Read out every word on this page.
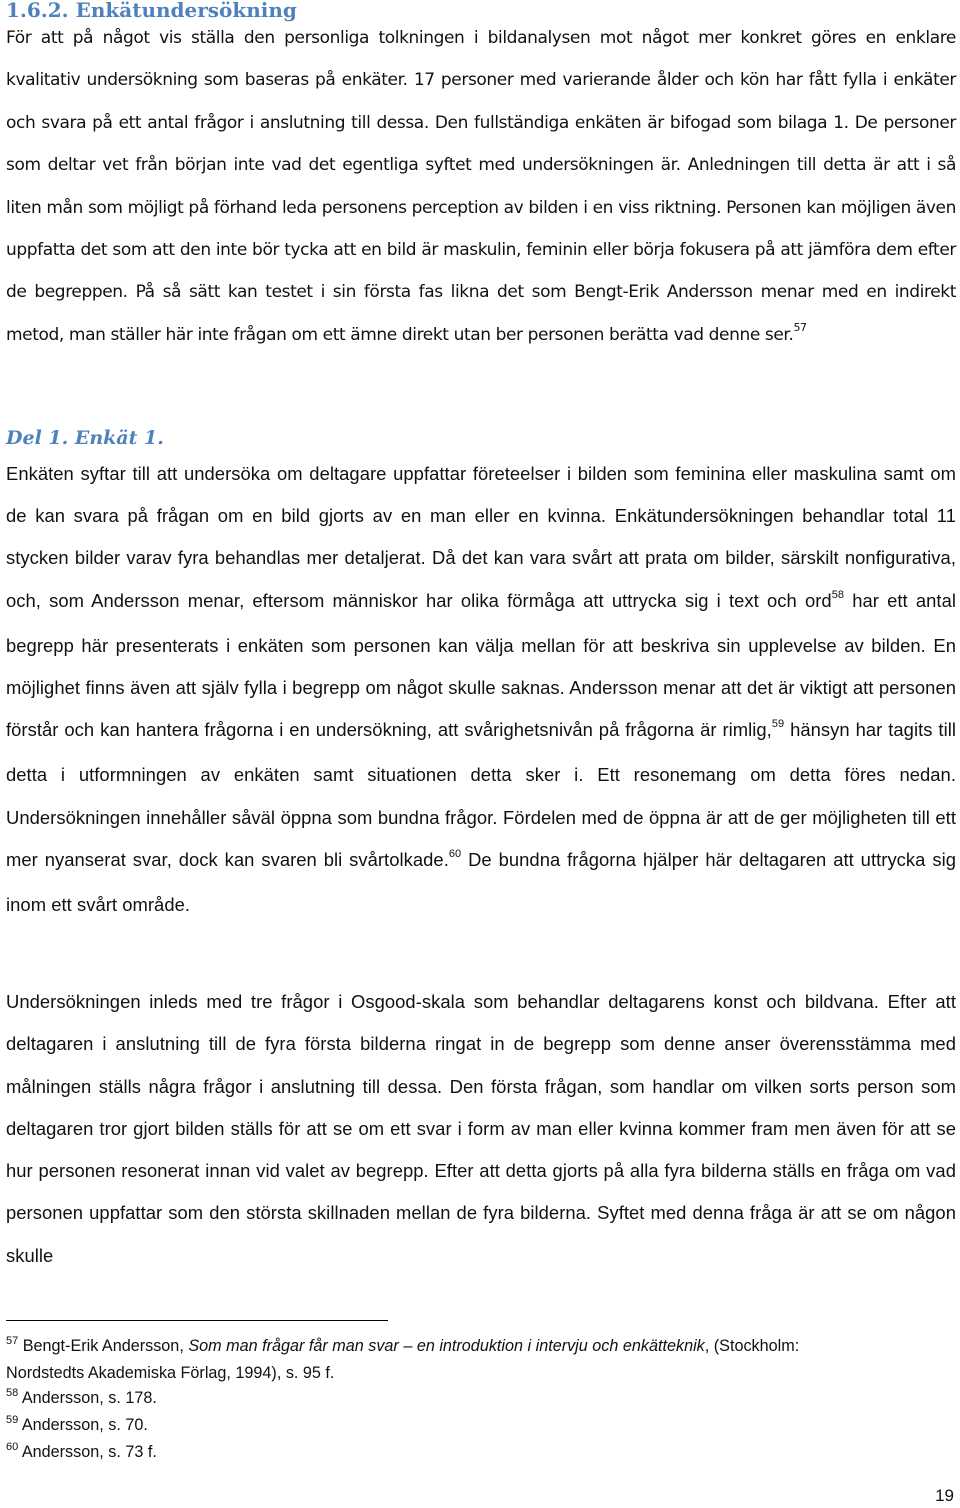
1.6.2. Enkätundersökning

För att på något vis ställa den personliga tolkningen i bildanalysen mot något mer konkret göres en enklare kvalitativ undersökning som baseras på enkäter. 17 personer med varierande ålder och kön har fått fylla i enkäter och svara på ett antal frågor i anslutning till dessa. Den fullständiga enkäten är bifogad som bilaga 1. De personer som deltar vet från början inte vad det egentliga syftet med undersökningen är. Anledningen till detta är att i så liten mån som möjligt på förhand leda personens perception av bilden i en viss riktning. Personen kan möjligen även uppfatta det som att den inte bör tycka att en bild är maskulin, feminin eller börja fokusera på att jämföra dem efter de begreppen. På så sätt kan testet i sin första fas likna det som Bengt-Erik Andersson menar med en indirekt metod, man ställer här inte frågan om ett ämne direkt utan ber personen berätta vad denne ser.$^{57}$

Del 1. Enkät 1.

Enkäten syftar till att undersöka om deltagare uppfattar företeelser i bilden som feminina eller maskulina samt om de kan svara på frågan om en bild gjorts av en man eller en kvinna. Enkätundersökningen behandlar total 11 stycken bilder varav fyra behandlas mer detaljerat. Då det kan vara svårt att prata om bilder, särskilt nonfigurativa, och, som Andersson menar, eftersom människor har olika förmåga att uttrycka sig i text och ord$^{58}$ har ett antal begrepp här presenterats i enkäten som personen kan välja mellan för att beskriva sin upplevelse av bilden. En möjlighet finns även att själv fylla i begrepp om något skulle saknas. Andersson menar att det är viktigt att personen förstår och kan hantera frågorna i en undersökning, att svårighetsnivån på frågorna är rimlig,$^{59}$ hänsyn har tagits till detta i utformningen av enkäten samt situationen detta sker i. Ett resonemang om detta föres nedan. Undersökningen innehåller såväl öppna som bundna frågor. Fördelen med de öppna är att de ger möjligheten till ett mer nyanserat svar, dock kan svaren bli svårtolkade.$^{60}$ De bundna frågorna hjälper här deltagaren att uttrycka sig inom ett svårt område.

Undersökningen inleds med tre frågor i Osgood-skala som behandlar deltagarens konst och bildvana. Efter att deltagaren i anslutning till de fyra första bilderna ringat in de begrepp som denne anser överensstämma med målningen ställs några frågor i anslutning till dessa. Den första frågan, som handlar om vilken sorts person som deltagaren tror gjort bilden ställs för att se om ett svar i form av man eller kvinna kommer fram men även för att se hur personen resonerat innan vid valet av begrepp. Efter att detta gjorts på alla fyra bilderna ställs en fråga om vad personen uppfattar som den största skillnaden mellan de fyra bilderna. Syftet med denna fråga är att se om någon skulle

$^{57}$ Bengt-Erik Andersson, Som man frågar får man svar – en introduktion i intervju och enkätteknik, (Stockholm:
Nordstedts Akademiska Förlag, 1994), s. 95 f.

$^{58}$ Andersson, s. 178.

$^{59}$ Andersson, s. 70.

$^{60}$ Andersson, s. 73 f.

19
